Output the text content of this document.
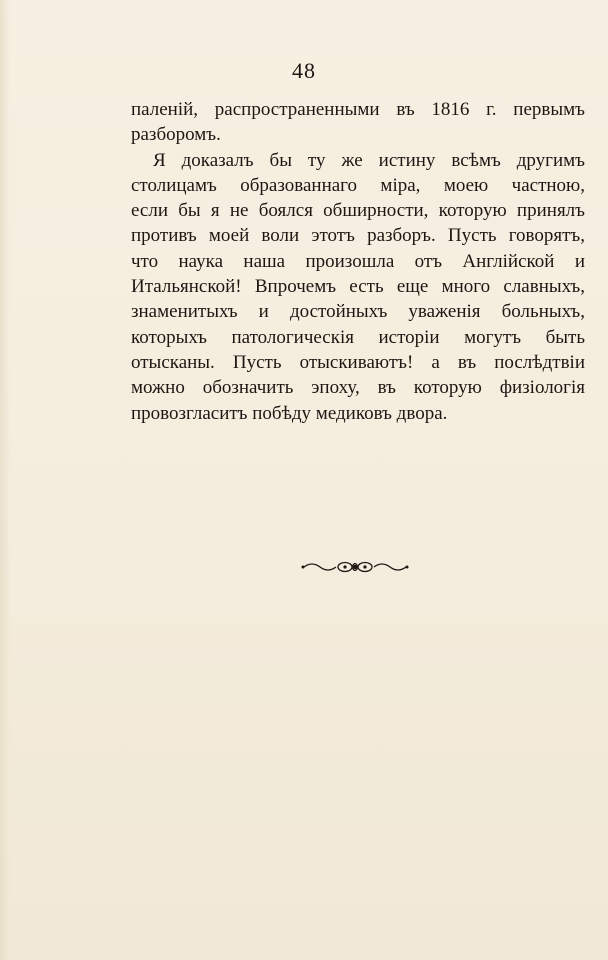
48
паленій, распространенными въ 1816 г. первымъ
разборомъ.
Я доказалъ бы ту же истину всѣмъ другимъ
столицамъ образованнаго міра, моею частною,
если бы я не боялся обширности, которую принялъ
противъ моей воли этотъ разборъ. Пусть говорятъ,
что наука наша произошла отъ Англійской и
Итальянской! Впрочемъ есть еще много славныхъ,
знаменитыхъ и достойныхъ уваженія больныхъ,
которыхъ патологическія исторіи могутъ быть
отысканы. Пусть отыскиваютъ! а въ послѣдтвіи
можно обозначить эпоху, въ которую физіологія
провозгласитъ побѣду медиковъ двора.
